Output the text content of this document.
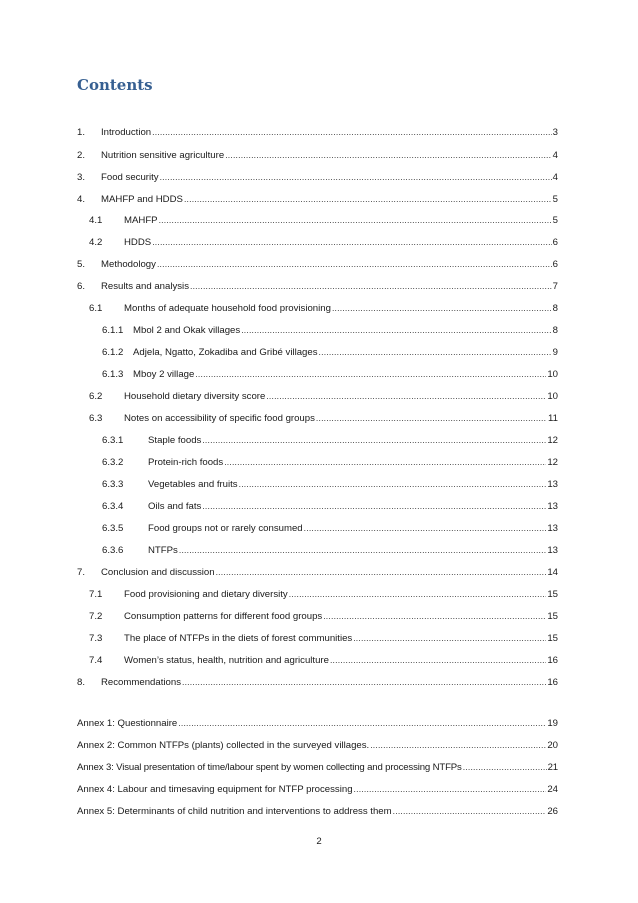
Contents
1.	Introduction .....	3
2.	Nutrition sensitive agriculture .....	4
3.	Food security .....	4
4.	MAHFP and HDDS .....	5
4.1	MAHFP .....	5
4.2	HDDS .....	6
5.	Methodology .....	6
6.	Results and analysis .....	7
6.1	Months of adequate household food provisioning .....	8
6.1.1	Mbol 2 and Okak villages .....	8
6.1.2	Adjela, Ngatto, Zokadiba and Gribé villages .....	9
6.1.3	Mboy 2 village .....	10
6.2	Household dietary diversity score .....	10
6.3	Notes on accessibility of specific food groups .....	11
6.3.1	Staple foods .....	12
6.3.2	Protein-rich foods .....	12
6.3.3	Vegetables and fruits .....	13
6.3.4	Oils and fats .....	13
6.3.5	Food groups not or rarely consumed .....	13
6.3.6	NTFPs .....	13
7.	Conclusion and discussion .....	14
7.1	Food provisioning and dietary diversity .....	15
7.2	Consumption patterns for different food groups .....	15
7.3	The place of NTFPs in the diets of forest communities .....	15
7.4	Women’s status, health, nutrition and agriculture .....	16
8.	Recommendations .....	16
Annex 1: Questionnaire .....	19
Annex 2: Common NTFPs (plants) collected in the surveyed villages. .....	20
Annex 3: Visual presentation of time/labour spent by women collecting and processing NTFPs .....	21
Annex 4: Labour and timesaving equipment for NTFP processing .....	24
Annex 5: Determinants of child nutrition and interventions to address them .....	26
2
